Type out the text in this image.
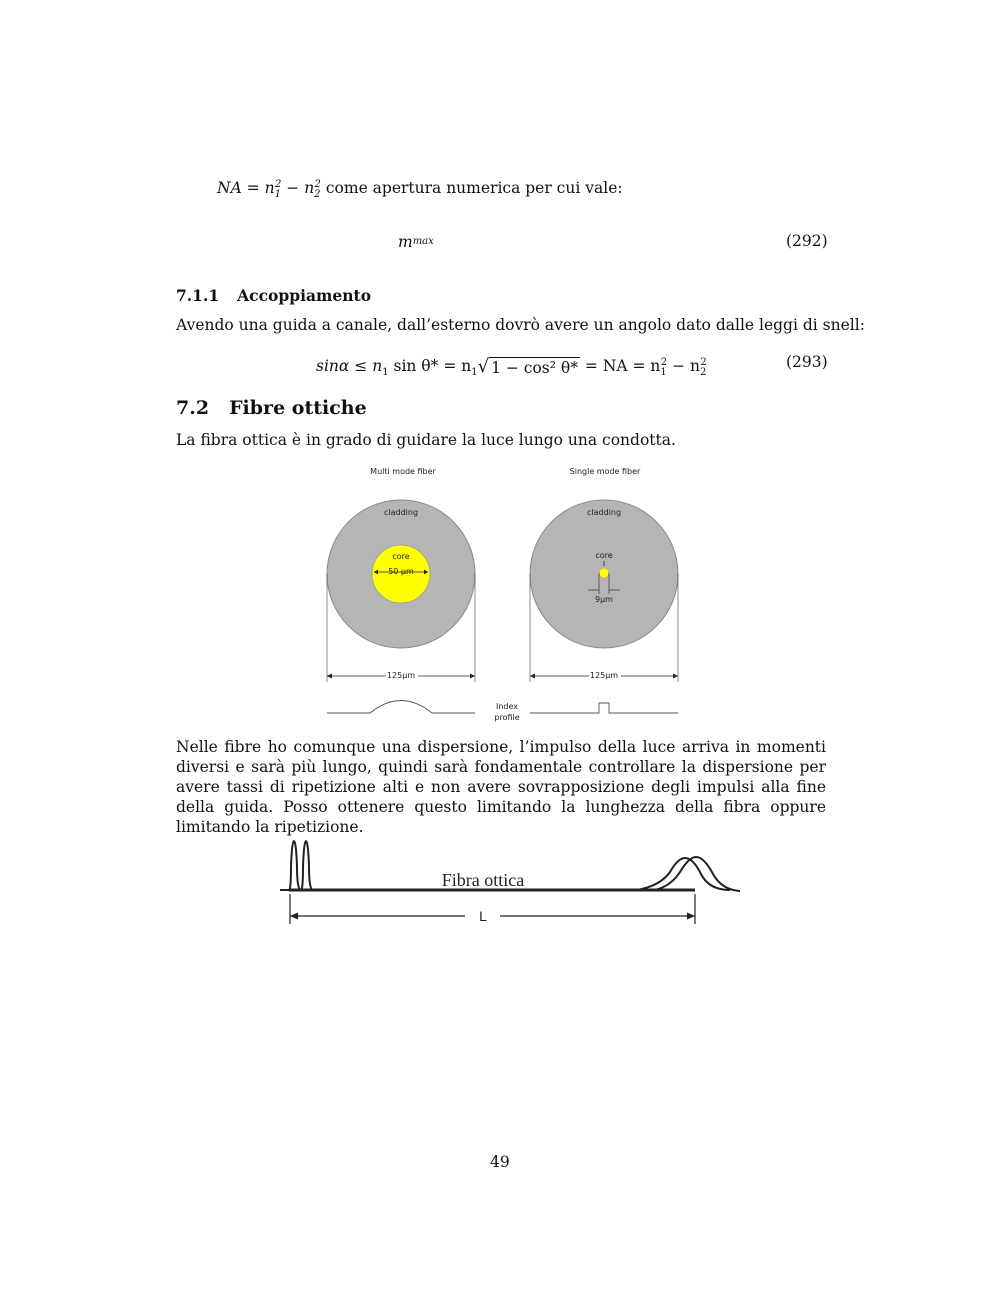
NA = $n_1^2 - n_2^2$ come apertura numerica per cui vale:
m max	(292)
7.1.1 Accoppiamento
Avendo una guida a canale, dall’esterno dovrò avere un angolo dato dalle leggi di snell:
$\sin\alpha \le n_1$ $\sin \theta* = n_1√$ 1 − cos² θ* = NA = $n_1^2 - n_2^2$	(293)
7.2 Fibre ottiche
La fibra ottica è in grado di guidare la luce lungo una condotta.
Multi mode fiber	Single mode fiber
cladding
core
50 μm
cladding
core
9μm
125μm	125μm
Index
profile
Nelle fibre ho comunque una dispersione, l’impulso della luce arriva in momenti diversi e sarà più lungo, quindi sarà fondamentale controllare la dispersione per avere tassi di ripetizione alti e non avere sovrapposizione degli impulsi alla fine della guida. Posso ottenere questo limitando la lunghezza della fibra oppure limitando la ripetizione.
Fibra ottica
L
49
